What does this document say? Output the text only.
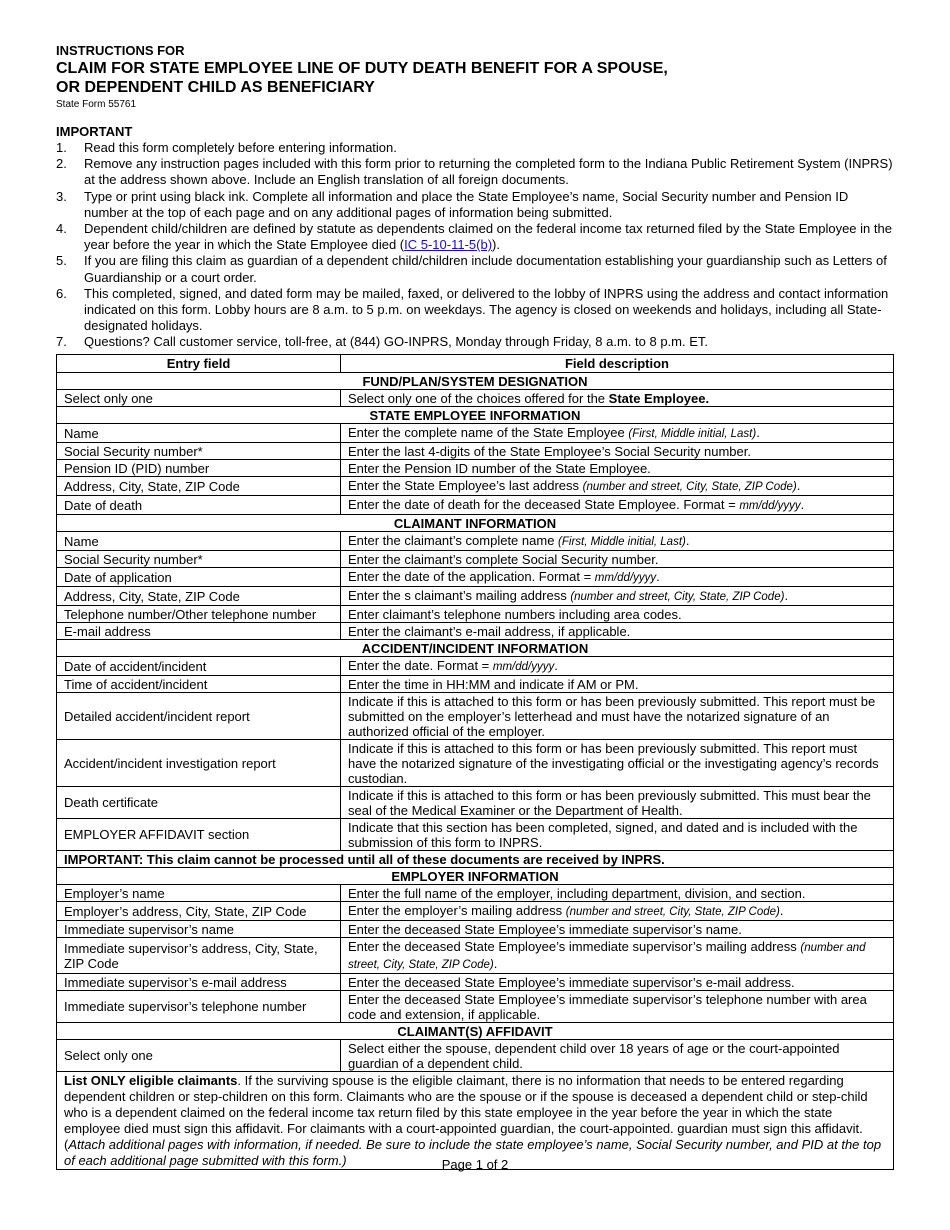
INSTRUCTIONS FOR
CLAIM FOR STATE EMPLOYEE LINE OF DUTY DEATH BENEFIT FOR A SPOUSE,
OR DEPENDENT CHILD AS BENEFICIARY
State Form 55761
IMPORTANT
1.	Read this form completely before entering information.
2.	Remove any instruction pages included with this form prior to returning the completed form to the Indiana Public Retirement System (INPRS) at the address shown above. Include an English translation of all foreign documents.
3.	Type or print using black ink. Complete all information and place the State Employee’s name, Social Security number and Pension ID number at the top of each page and on any additional pages of information being submitted.
4.	Dependent child/children are defined by statute as dependents claimed on the federal income tax returned filed by the State Employee in the year before the year in which the State Employee died (IC 5-10-11-5(b)).
5.	If you are filing this claim as guardian of a dependent child/children include documentation establishing your guardianship such as Letters of Guardianship or a court order.
6.	This completed, signed, and dated form may be mailed, faxed, or delivered to the lobby of INPRS using the address and contact information indicated on this form. Lobby hours are 8 a.m. to 5 p.m. on weekdays. The agency is closed on weekends and holidays, including all State-designated holidays.
7.	Questions? Call customer service, toll-free, at (844) GO-INPRS, Monday through Friday, 8 a.m. to 8 p.m. ET.
Entry field	Field description
FUND/PLAN/SYSTEM DESIGNATION	
Select only one	Select only one of the choices offered for the State Employee.
STATE EMPLOYEE INFORMATION	
Name	Enter the complete name of the State Employee (First, Middle initial, Last).
Social Security number*	Enter the last 4-digits of the State Employee’s Social Security number.
Pension ID (PID) number	Enter the Pension ID number of the State Employee.
Address, City, State, ZIP Code	Enter the State Employee’s last address (number and street, City, State, ZIP Code).
Date of death	Enter the date of death for the deceased State Employee. Format = mm/dd/yyyy.
CLAIMANT INFORMATION	
Name	Enter the claimant’s complete name (First, Middle initial, Last).
Social Security number*	Enter the claimant’s complete Social Security number.
Date of application	Enter the date of the application. Format = mm/dd/yyyy.
Address, City, State, ZIP Code	Enter the s claimant’s mailing address (number and street, City, State, ZIP Code).
Telephone number/Other telephone number	Enter claimant’s telephone numbers including area codes.
E-mail address	Enter the claimant’s e-mail address, if applicable.
ACCIDENT/INCIDENT INFORMATION	
Date of accident/incident	Enter the date. Format = mm/dd/yyyy.
Time of accident/incident	Enter the time in HH:MM and indicate if AM or PM.
Detailed accident/incident report	Indicate if this is attached to this form or has been previously submitted. This report must be submitted on the employer’s letterhead and must have the notarized signature of an authorized official of the employer.
Accident/incident investigation report	Indicate if this is attached to this form or has been previously submitted. This report must have the notarized signature of the investigating official or the investigating agency’s records custodian.
Death certificate	Indicate if this is attached to this form or has been previously submitted. This must bear the seal of the Medical Examiner or the Department of Health.
EMPLOYER AFFIDAVIT section	Indicate that this section has been completed, signed, and dated and is included with the submission of this form to INPRS.
IMPORTANT: This claim cannot be processed until all of these documents are received by INPRS.	
EMPLOYER INFORMATION	
Employer’s name	Enter the full name of the employer, including department, division, and section.
Employer’s address, City, State, ZIP Code	Enter the employer’s mailing address (number and street, City, State, ZIP Code).
Immediate supervisor’s name	Enter the deceased State Employee’s immediate supervisor’s name.
Immediate supervisor’s address, City, State, ZIP Code	Enter the deceased State Employee’s immediate supervisor’s mailing address (number and street, City, State, ZIP Code).
Immediate supervisor’s e-mail address	Enter the deceased State Employee’s immediate supervisor’s e-mail address.
Immediate supervisor’s telephone number	Enter the deceased State Employee’s immediate supervisor’s telephone number with area code and extension, if applicable.
CLAIMANT(S) AFFIDAVIT	
Select only one	Select either the spouse, dependent child over 18 years of age or the court-appointed guardian of a dependent child.
List ONLY eligible claimants. If the surviving spouse is the eligible claimant, there is no information that needs to be entered regarding dependent children or step-children on this form. Claimants who are the spouse or if the spouse is deceased a dependent child or step-child who is a dependent claimed on the federal income tax return filed by this state employee in the year before the year in which the state employee died must sign this affidavit. For claimants with a court-appointed guardian, the court-appointed. guardian must sign this affidavit. (Attach additional pages with information, if needed. Be sure to include the state employee’s name, Social Security number, and PID at the top of each additional page submitted with this form.)		Page 1 of 2
